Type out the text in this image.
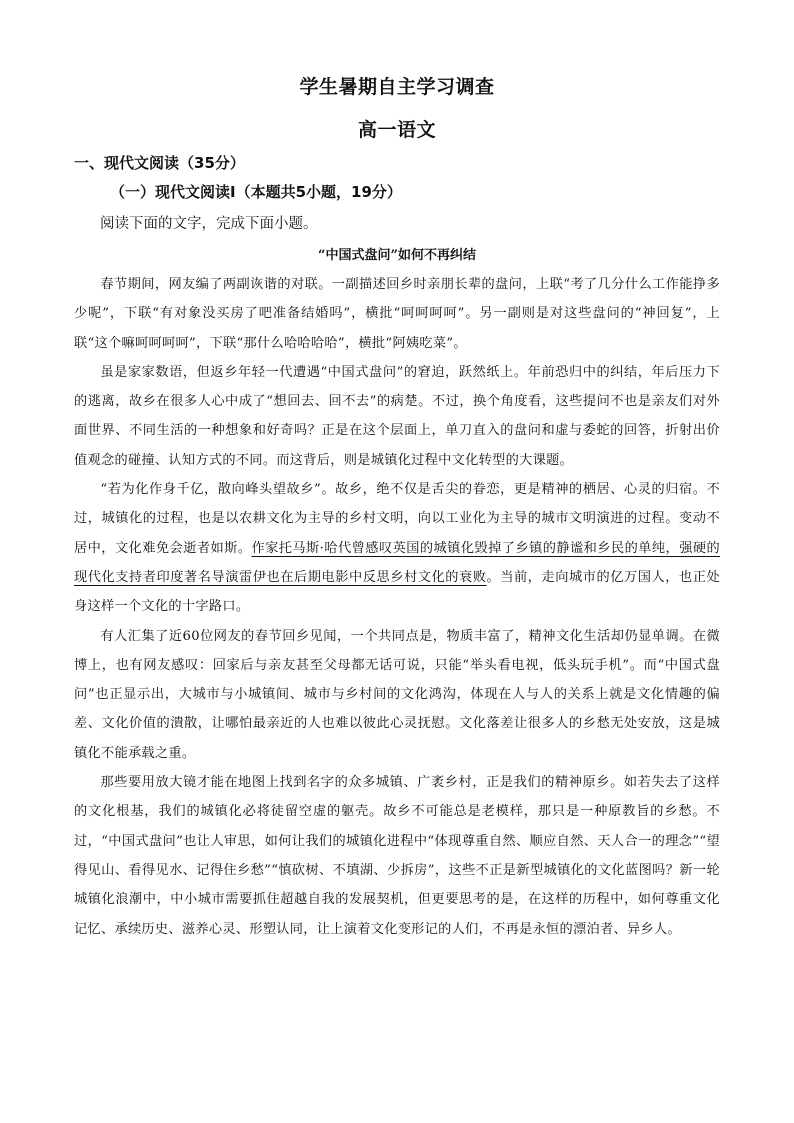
学生暑期自主学习调查
高一语文
一、现代文阅读（35分）
（一）现代文阅读Ⅰ（本题共5小题，19分）
阅读下面的文字，完成下面小题。
“中国式盘问”如何不再纠结

春节期间，网友编了两副诙谐的对联。一副描述回乡时亲朋长辈的盘问，上联“考了几分什么工作能挣多少呢”，下联“有对象没买房了吧准备结婚吗”，横批“呵呵呵呵”。另一副则是对这些盘问的“神回复”，上联“这个嘛呵呵呵呵”，下联“那什么哈哈哈哈”，横批“阿姨吃菜”。

虽是家家数语，但返乡年轻一代遭遇“中国式盘问”的窘迫，跃然纸上。年前恐归中的纠结，年后压力下的逃离，故乡在很多人心中成了“想回去、回不去”的病楚。不过，换个角度看，这些提问不也是亲友们对外面世界、不同生活的一种想象和好奇吗？正是在这个层面上，单刀直入的盘问和虚与委蛇的回答，折射出价值观念的碰撞、认知方式的不同。而这背后，则是城镇化过程中文化转型的大课题。

“若为化作身千亿，散向峰头望故乡”。故乡，绝不仅是舌尖的眷恋，更是精神的栖居、心灵的归宿。不过，城镇化的过程，也是以农耕文化为主导的乡村文明，向以工业化为主导的城市文明演进的过程。变动不居中，文化难免会逝者如斯。作家托马斯·哈代曾感叹英国的城镇化毁掉了乡镇的静谧和乡民的单纯，强硬的现代化支持者印度著名导演雷伊也在后期电影中反思乡村文化的衰败。当前，走向城市的亿万国人，也正处身这样一个文化的十字路口。

有人汇集了近60位网友的春节回乡见闻，一个共同点是，物质丰富了，精神文化生活却仍显单调。在微博上，也有网友感叹：回家后与亲友甚至父母都无话可说，只能“举头看电视，低头玩手机”。而“中国式盘问”也正显示出，大城市与小城镇间、城市与乡村间的文化鸿沟，体现在人与人的关系上就是文化情趣的偏差、文化价值的潰散，让哪怕最亲近的人也难以彼此心灵抚慰。文化落差让很多人的乡愁无处安放，这是城镇化不能承载之重。

那些要用放大镜才能在地图上找到名字的众多城镇、广袤乡村，正是我们的精神原乡。如若失去了这样的文化根基，我们的城镇化必将徒留空虚的躯壳。故乡不可能总是老模样，那只是一种原教旨的乡愁。不过，“中国式盘问”也让人审思，如何让我们的城镇化进程中“体现尊重自然、顺应自然、天人合一的理念”“望得见山、看得见水、记得住乡愁”“慎砍树、不填湖、少拆房”，这些不正是新型城镇化的文化蓝图吗？新一轮城镇化浪潮中，中小城市需要抓住超越自我的发展契机，但更要思考的是，在这样的历程中，如何尊重文化记忆、承续历史、滋养心灵、形塑认同，让上演着文化变形记的人们，不再是永恒的漂泊者、异乡人。
